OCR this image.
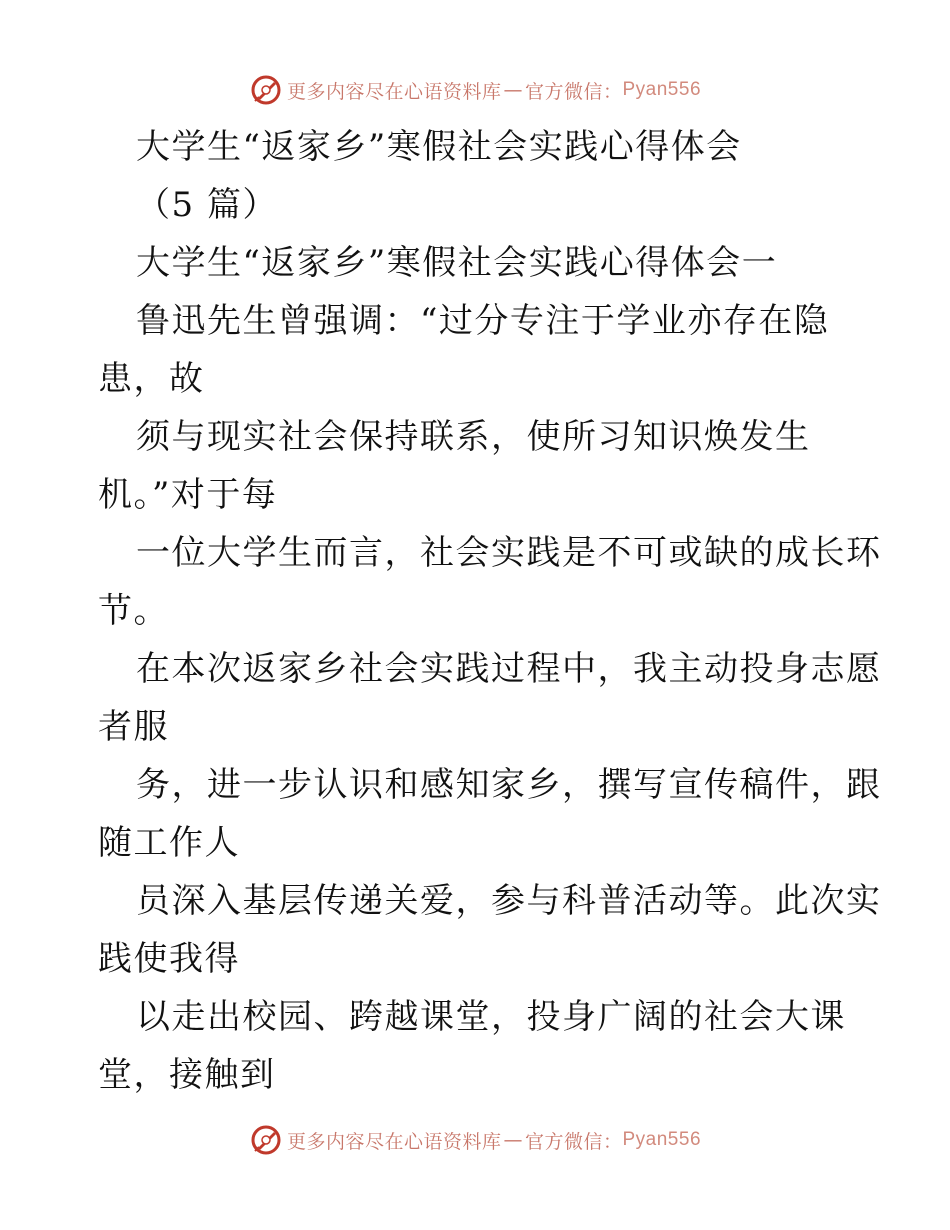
更多内容尽在心语资料库 — 官方微信： Pyan556

大学生“返家乡”寒假社会实践心得体会

（5 篇）

大学生“返家乡”寒假社会实践心得体会一

鲁迅先生曾强调：“过分专注于学业亦存在隐

患，故

须与现实社会保持联系，使所习知识焕发生

机。”对于每

一位大学生而言，社会实践是不可或缺的成长环

节。

在本次返家乡社会实践过程中，我主动投身志愿

者服

务，进一步认识和感知家乡，撰写宣传稿件，跟

随工作人

员深入基层传递关爱，参与科普活动等。此次实

践使我得

以走出校园、跨越课堂，投身广阔的社会大课

堂，接触到

更多内容尽在心语资料库 — 官方微信： Pyan556
